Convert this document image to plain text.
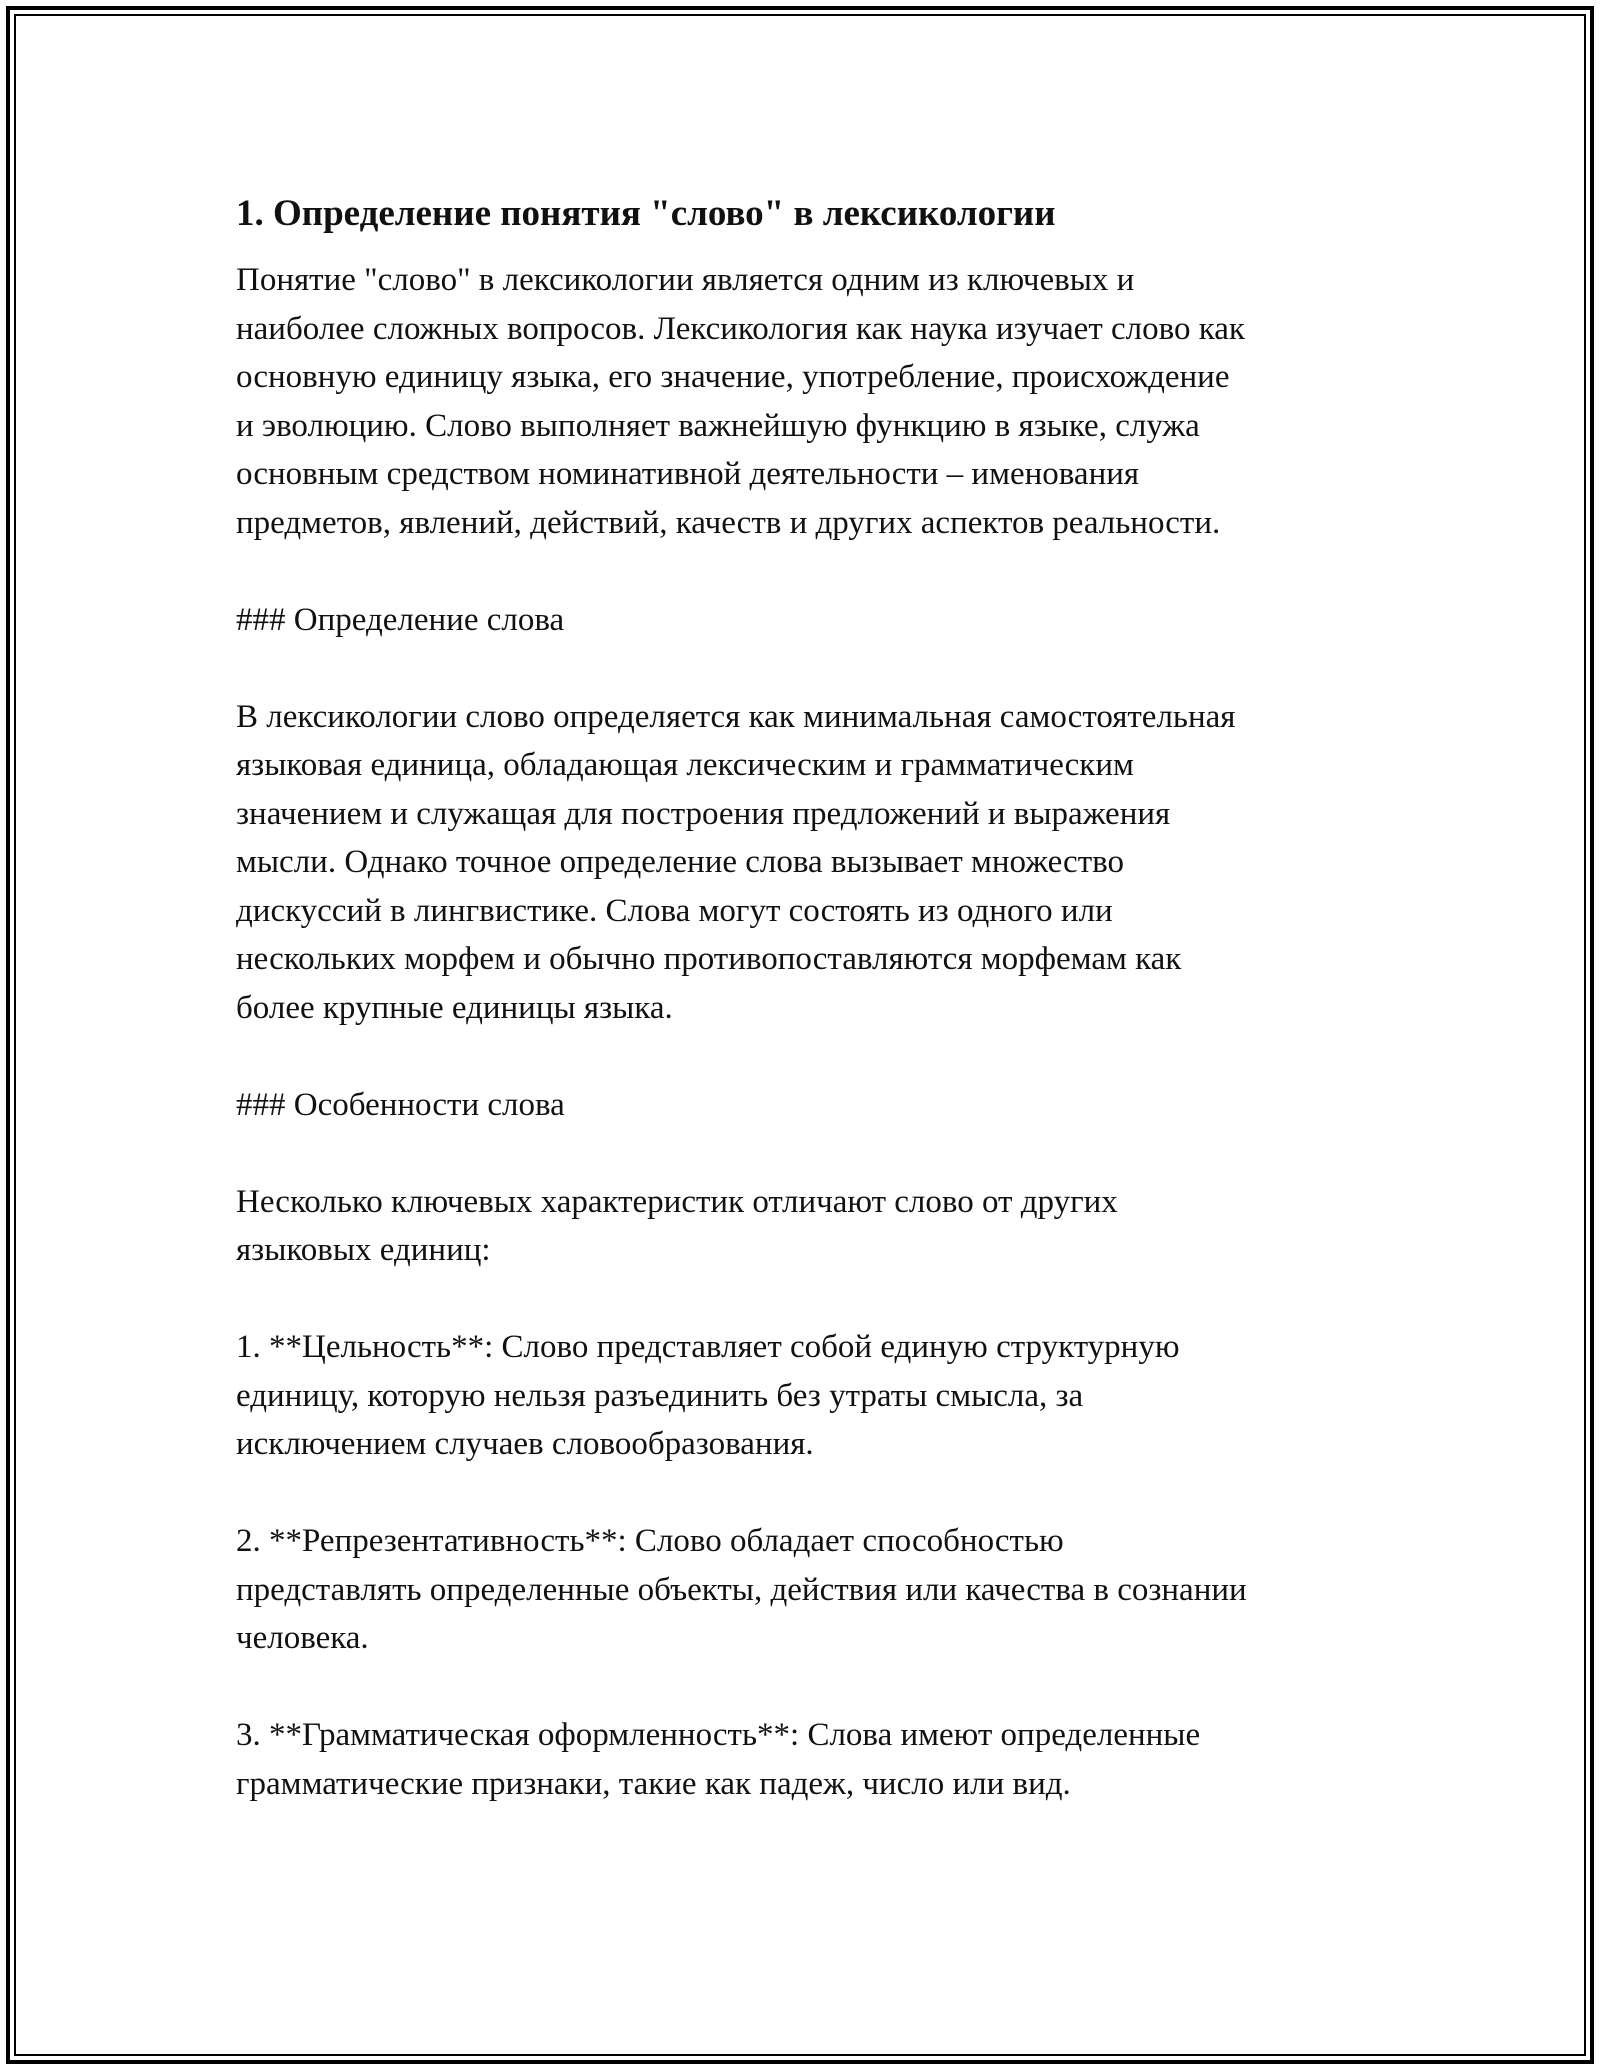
1. Определение понятия "слово" в лексикологии

Понятие "слово" в лексикологии является одним из ключевых и
наиболее сложных вопросов. Лексикология как наука изучает слово как
основную единицу языка, его значение, употребление, происхождение
и эволюцию. Слово выполняет важнейшую функцию в языке, служа
основным средством номинативной деятельности – именования
предметов, явлений, действий, качеств и других аспектов реальности.

### Определение слова

В лексикологии слово определяется как минимальная самостоятельная
языковая единица, обладающая лексическим и грамматическим
значением и служащая для построения предложений и выражения
мысли. Однако точное определение слова вызывает множество
дискуссий в лингвистике. Слова могут состоять из одного или
нескольких морфем и обычно противопоставляются морфемам как
более крупные единицы языка.

### Особенности слова

Несколько ключевых характеристик отличают слово от других
языковых единиц:

1. **Цельность**: Слово представляет собой единую структурную
единицу, которую нельзя разъединить без утраты смысла, за
исключением случаев словообразования.

2. **Репрезентативность**: Слово обладает способностью
представлять определенные объекты, действия или качества в сознании
человека.

3. **Грамматическая оформленность**: Слова имеют определенные
грамматические признаки, такие как падеж, число или вид.
